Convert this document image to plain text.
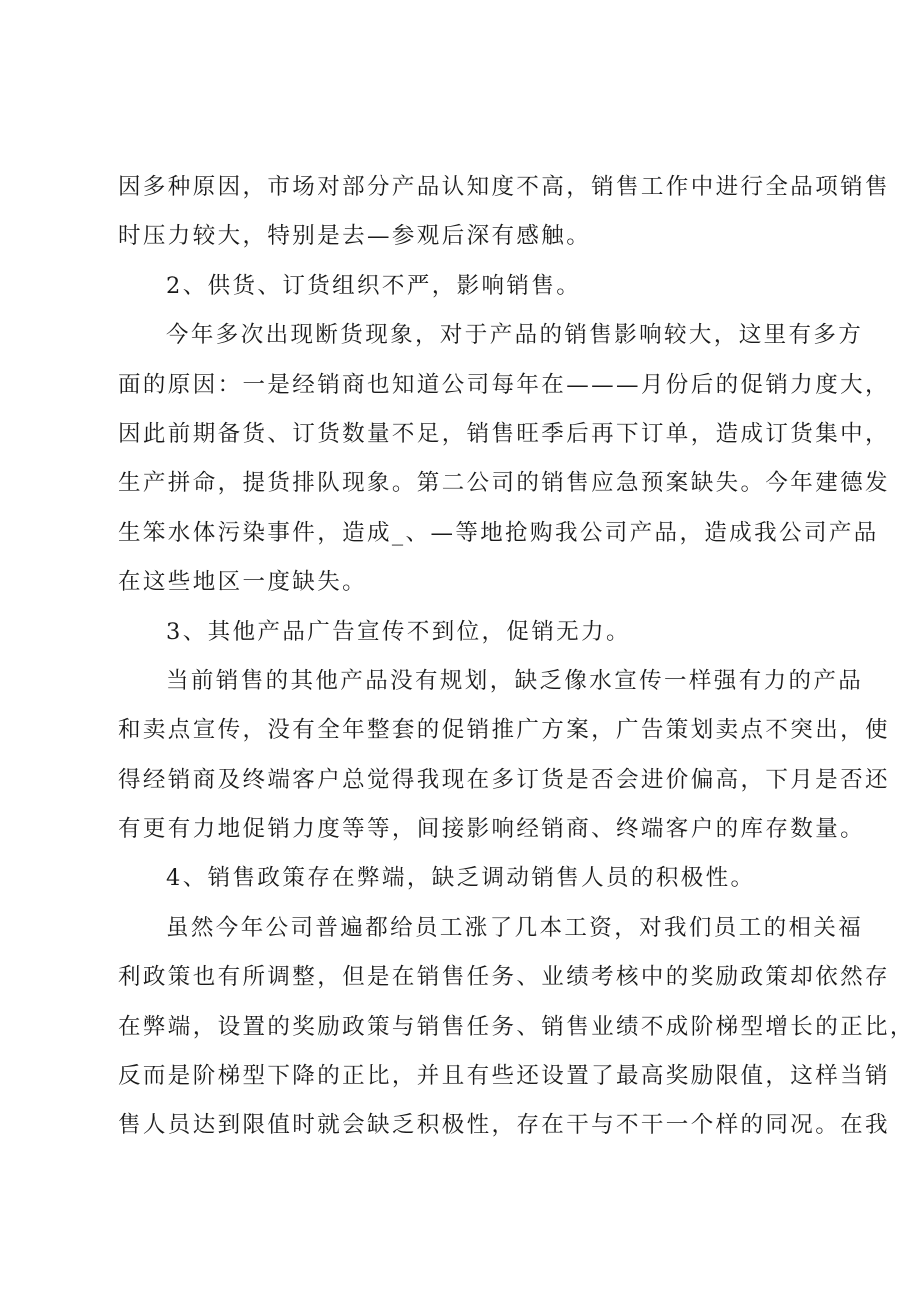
因多种原因，市场对部分产品认知度不高，销售工作中进行全品项销售
时压力较大，特别是去—参观后深有感触。
2、供货、订货组织不严，影响销售。
今年多次出现断货现象，对于产品的销售影响较大，这里有多方
面的原因：一是经销商也知道公司每年在———月份后的促销力度大，
因此前期备货、订货数量不足，销售旺季后再下订单，造成订货集中，
生产拼命，提货排队现象。第二公司的销售应急预案缺失。今年建德发
生笨水体污染事件，造成_、—等地抢购我公司产品，造成我公司产品
在这些地区一度缺失。
3、其他产品广告宣传不到位，促销无力。
当前销售的其他产品没有规划，缺乏像水宣传一样强有力的产品
和卖点宣传，没有全年整套的促销推广方案，广告策划卖点不突出，使
得经销商及终端客户总觉得我现在多订货是否会进价偏高，下月是否还
有更有力地促销力度等等，间接影响经销商、终端客户的库存数量。
4、销售政策存在弊端，缺乏调动销售人员的积极性。
虽然今年公司普遍都给员工涨了几本工资，对我们员工的相关福
利政策也有所调整，但是在销售任务、业绩考核中的奖励政策却依然存
在弊端，设置的奖励政策与销售任务、销售业绩不成阶梯型增长的正比，
反而是阶梯型下降的正比，并且有些还设置了最高奖励限值，这样当销
售人员达到限值时就会缺乏积极性，存在干与不干一个样的同况。在我
